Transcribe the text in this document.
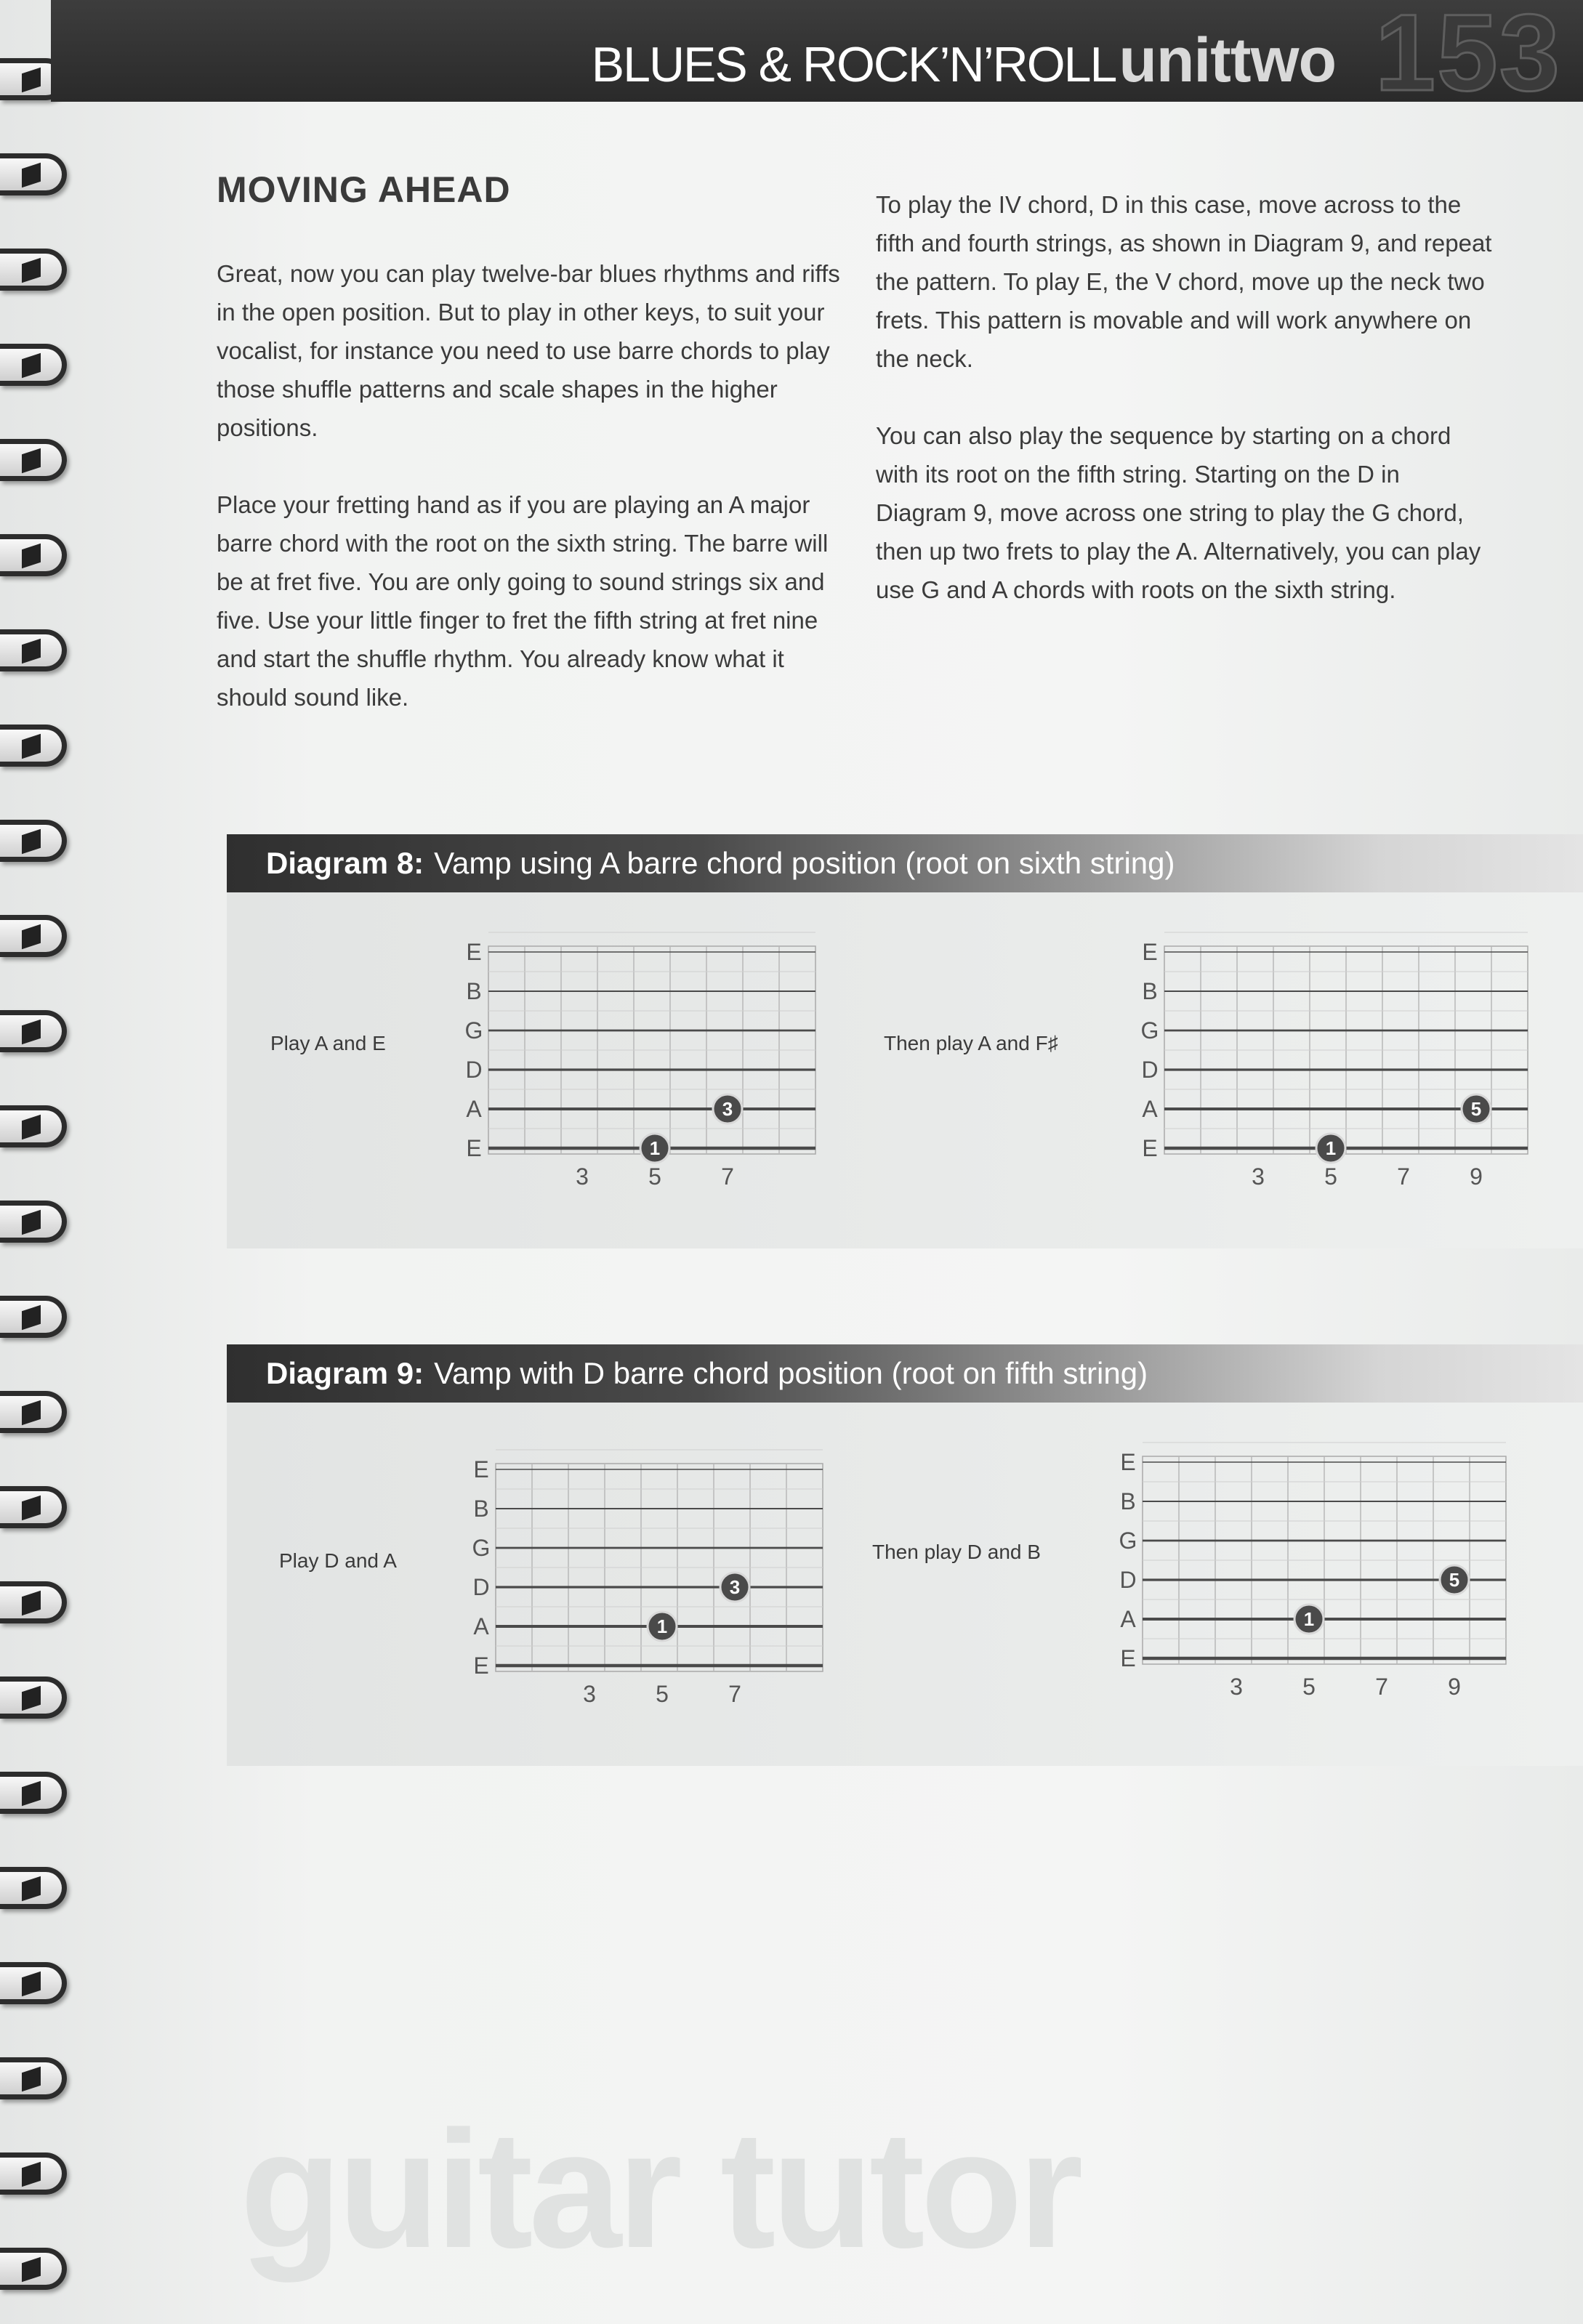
BLUES & ROCK’N’ROLL unittwo 153
MOVING AHEAD

Great, now you can play twelve-bar blues rhythms and riffs in the open position. But to play in other keys, to suit your vocalist, for instance you need to use barre chords to play those shuffle patterns and scale shapes in the higher positions.

Place your fretting hand as if you are playing an A major barre chord with the root on the sixth string. The barre will be at fret five. You are only going to sound strings six and five. Use your little finger to fret the fifth string at fret nine and start the shuffle rhythm. You already know what it should sound like.

To play the IV chord, D in this case, move across to the fifth and fourth strings, as shown in Diagram 9, and repeat the pattern. To play E, the V chord, move up the neck two frets. This pattern is movable and will work anywhere on the neck.

You can also play the sequence by starting on a chord with its root on the fifth string. Starting on the D in Diagram 9, move across one string to play the G chord, then up two frets to play the A. Alternatively, you can play use G and A chords with roots on the sixth string.

Diagram 8: Vamp using A barre chord position (root on sixth string)
Play A and E
E
B
G
D
A
E
3	5	7
1
3
Then play A and F♯
E
B
G
D
A
E
3	5	7	9
1
5
Diagram 9: Vamp with D barre chord position (root on fifth string)
Play D and A
E
B
G
D
A
E
3	5	7
1
3
Then play D and B
E
B
G
D
A
E
3	5	7	9
1
5
guitar tutor
